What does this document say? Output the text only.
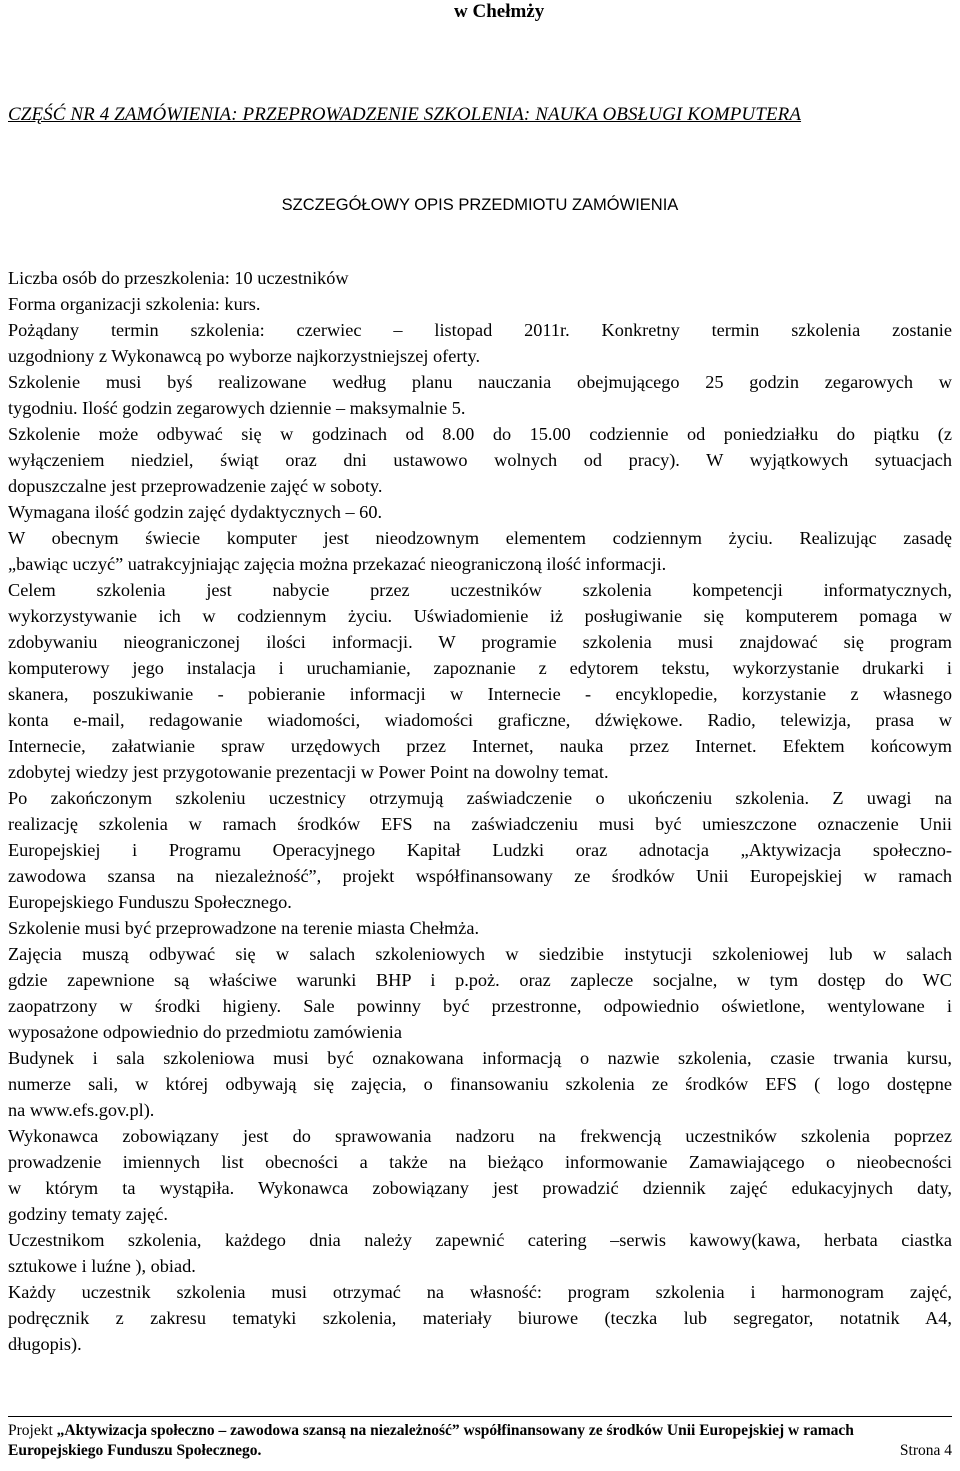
w Chełmży
CZĘŚĆ NR 4 ZAMÓWIENIA: PRZEPROWADZENIE SZKOLENIA: NAUKA OBSŁUGI KOMPUTERA
SZCZEGÓŁOWY OPIS PRZEDMIOTU ZAMÓWIENIA
Liczba osób do przeszkolenia: 10 uczestników
Forma organizacji szkolenia: kurs.
Pożądany termin szkolenia: czerwiec – listopad 2011r. Konkretny termin szkolenia zostanie
uzgodniony z Wykonawcą po wyborze najkorzystniejszej oferty.
Szkolenie musi byś realizowane według planu nauczania obejmującego 25 godzin zegarowych w
tygodniu. Ilość godzin zegarowych dziennie – maksymalnie 5.
Szkolenie może odbywać się w godzinach od 8.00 do 15.00 codziennie od poniedziałku do piątku (z
wyłączeniem niedziel, świąt oraz dni ustawowo wolnych od pracy). W wyjątkowych sytuacjach
dopuszczalne jest przeprowadzenie zajęć w soboty.
Wymagana ilość godzin zajęć dydaktycznych – 60.
W obecnym świecie komputer jest nieodzownym elementem codziennym życiu. Realizując zasadę
„bawiąc uczyć” uatrakcyjniając zajęcia można przekazać nieograniczoną ilość informacji.
Celem szkolenia jest nabycie przez uczestników szkolenia kompetencji informatycznych,
wykorzystywanie ich w codziennym życiu. Uświadomienie iż posługiwanie się komputerem pomaga w
zdobywaniu nieograniczonej ilości informacji. W programie szkolenia musi znajdować się program
komputerowy jego instalacja i uruchamianie, zapoznanie z edytorem tekstu, wykorzystanie drukarki i
skanera, poszukiwanie - pobieranie informacji w Internecie - encyklopedie, korzystanie z własnego
konta e-mail, redagowanie wiadomości, wiadomości graficzne, dźwiękowe. Radio, telewizja, prasa w
Internecie, załatwianie spraw urzędowych przez Internet, nauka przez Internet. Efektem końcowym
zdobytej wiedzy jest przygotowanie prezentacji w Power Point na dowolny temat.
Po zakończonym szkoleniu uczestnicy otrzymują zaświadczenie o ukończeniu szkolenia. Z uwagi na
realizację szkolenia w ramach środków EFS na zaświadczeniu musi być umieszczone oznaczenie Unii
Europejskiej i Programu Operacyjnego Kapitał Ludzki oraz adnotacja „Aktywizacja społeczno-
zawodowa szansa na niezależność”, projekt współfinansowany ze środków Unii Europejskiej w ramach
Europejskiego Funduszu Społecznego.
Szkolenie musi być przeprowadzone na terenie miasta Chełmża.
Zajęcia muszą odbywać się w salach szkoleniowych w siedzibie instytucji szkoleniowej lub w salach
gdzie zapewnione są właściwe warunki BHP i p.poż. oraz zaplecze socjalne, w tym dostęp do WC
zaopatrzony w środki higieny. Sale powinny być przestronne, odpowiednio oświetlone, wentylowane i
wyposażone odpowiednio do przedmiotu zamówienia
Budynek i sala szkoleniowa musi być oznakowana informacją o nazwie szkolenia, czasie trwania kursu,
numerze sali, w której odbywają się zajęcia, o finansowaniu szkolenia ze środków EFS ( logo dostępne
na www.efs.gov.pl).
Wykonawca zobowiązany jest do sprawowania nadzoru na frekwencją uczestników szkolenia poprzez
prowadzenie imiennych list obecności a także na bieżąco informowanie Zamawiającego o nieobecności
w którym ta wystąpiła. Wykonawca zobowiązany jest prowadzić dziennik zajęć edukacyjnych daty,
godziny tematy zajęć.
Uczestnikom szkolenia, każdego dnia należy zapewnić catering –serwis kawowy(kawa, herbata ciastka
sztukowe i luźne ), obiad.
Każdy uczestnik szkolenia musi otrzymać na własność: program szkolenia i harmonogram zajęć,
podręcznik z zakresu tematyki szkolenia, materiały biurowe (teczka lub segregator, notatnik A4,
długopis).
Projekt „Aktywizacja społeczno – zawodowa szansą na niezależność” współfinansowany ze środków Unii Europejskiej w ramach
Europejskiego Funduszu Społecznego.	Strona 4
